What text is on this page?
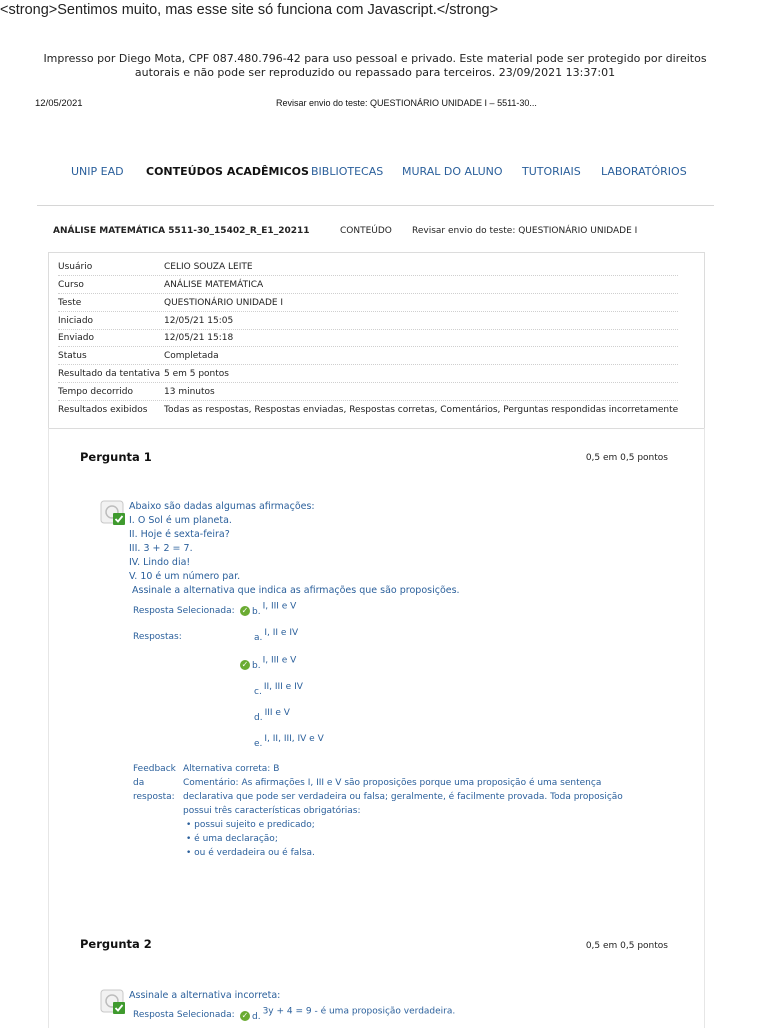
<strong>Sentimos muito, mas esse site só funciona com Javascript.</strong>
Impresso por Diego Mota, CPF 087.480.796-42 para uso pessoal e privado. Este material pode ser protegido por direitos autorais e não pode ser reproduzido ou repassado para terceiros. 23/09/2021 13:37:01
12/05/2021	Revisar envio do teste: QUESTIONÁRIO UNIDADE I – 5511-30...
UNIP EAD CONTEÚDOS ACADÊMICOS BIBLIOTECAS MURAL DO ALUNO TUTORIAIS LABORATÓRIOS
ANÁLISE MATEMÁTICA 5511-30_15402_R_E1_20211	CONTEÚDO Revisar envio do teste: QUESTIONÁRIO UNIDADE I
Usuário	CELIO SOUZA LEITE
Curso	ANÁLISE MATEMÁTICA
Teste	QUESTIONÁRIO UNIDADE I
Iniciado	12/05/21 15:05
Enviado	12/05/21 15:18
Status	Completada
Resultado da tentativa 5 em 5 pontos
Tempo decorrido	13 minutos
Resultados exibidos Todas as respostas, Respostas enviadas, Respostas corretas, Comentários, Perguntas respondidas incorretamente
Pergunta 1	0,5 em 0,5 pontos
Abaixo são dadas algumas afirmações:
I. O Sol é um planeta.
II. Hoje é sexta-feira?
III. 3 + 2 = 7.
IV. Lindo dia!
V. 10 é um número par.
Assinale a alternativa que indica as afirmações que são proposições.
Resposta Selecionada: ✓ b. I, III e V
Respostas:	a. I, II e IV
✓ b. I, III e V
c. II, III e IV
d. III e V
e. I, II, III, IV e V
Feedback
da
resposta:
Alternativa correta: B
Comentário: As afirmações I, III e V são proposições porque uma proposição é uma sentença declarativa que pode ser verdadeira ou falsa; geralmente, é facilmente provada. Toda proposição possui três características obrigatórias:
• possui sujeito e predicado;
• é uma declaração;
• ou é verdadeira ou é falsa.
Pergunta 2	0,5 em 0,5 pontos
Assinale a alternativa incorreta:
Resposta Selecionada: ✓ d. 3y + 4 = 9 - é uma proposição verdadeira.
